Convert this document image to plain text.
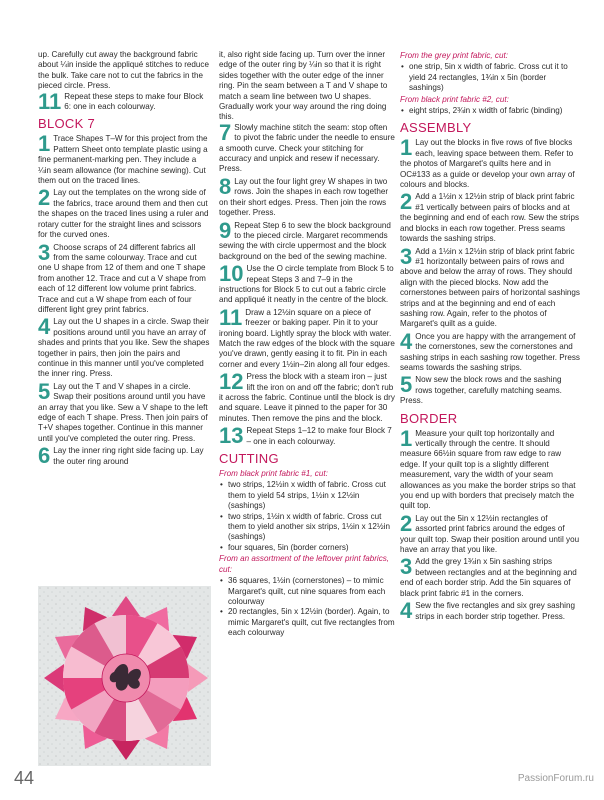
up. Carefully cut away the background fabric about ¼in inside the appliqué stitches to reduce the bulk. Take care not to cut the fabrics in the pieced circle. Press.

11 Repeat these steps to make four Block 6: one in each colourway.
BLOCK 7
1 Trace Shapes T–W for this project from the Pattern Sheet onto template plastic using a fine permanent-marking pen. They include a ¼in seam allowance (for machine sewing). Cut them out on the traced lines.
2 Lay out the templates on the wrong side of the fabrics, trace around them and then cut the shapes on the traced lines using a ruler and rotary cutter for the straight lines and scissors for the curved ones.
3 Choose scraps of 24 different fabrics all from the same colourway. Trace and cut one U shape from 12 of them and one T shape from another 12. Trace and cut a V shape from each of 12 different low volume print fabrics. Trace and cut a W shape from each of four different light grey print fabrics.
4 Lay out the U shapes in a circle. Swap their positions around until you have an array of shades and prints that you like. Sew the shapes together in pairs, then join the pairs and continue in this manner until you've completed the inner ring. Press.
5 Lay out the T and V shapes in a circle. Swap their positions around until you have an array that you like. Sew a V shape to the left edge of each T shape. Press. Then join pairs of T+V shapes together. Continue in this manner until you've completed the outer ring. Press.
6 Lay the inner ring right side facing up. Lay the outer ring around

it, also right side facing up. Turn over the inner edge of the outer ring by ¼in so that it is right sides together with the outer edge of the inner ring. Pin the seam between a T and V shape to match a seam line between two U shapes. Gradually work your way around the ring doing this.

7 Slowly machine stitch the seam: stop often to pivot the fabric under the needle to ensure a smooth curve. Check your stitching for accuracy and unpick and resew if necessary. Press.
8 Lay out the four light grey W shapes in two rows. Join the shapes in each row together on their short edges. Press. Then join the rows together. Press.
9 Repeat Step 6 to sew the block background to the pieced circle. Margaret recommends sewing the with circle uppermost and the block background on the bed of the sewing machine.
10 Use the O circle template from Block 5 to repeat Steps 3 and 7–9 in the instructions for Block 5 to cut out a fabric circle and appliqué it neatly in the centre of the block.
11 Draw a 12½in square on a piece of freezer or baking paper. Pin it to your ironing board. Lightly spray the block with water. Match the raw edges of the block with the square you've drawn, gently easing it to fit. Pin in each corner and every 1½in–2in along all four edges.
12 Press the block with a steam iron – just lift the iron on and off the fabric; don't rub it across the fabric. Continue until the block is dry and square. Leave it pinned to the paper for 30 minutes. Then remove the pins and the block.
13 Repeat Steps 1–12 to make four Block 7 – one in each colourway.
CUTTING
From black print fabric #1, cut:
• two strips, 12½in x width of fabric. Cross cut them to yield 54 strips, 1½in x 12½in (sashings)
• two strips, 1½in x width of fabric. Cross cut them to yield another six strips, 1½in x 12½in (sashings)
• four squares, 5in (border corners)
From an assortment of the leftover print fabrics, cut:
• 36 squares, 1½in (cornerstones) – to mimic Margaret's quilt, cut nine squares from each colourway
• 20 rectangles, 5in x 12½in (border). Again, to mimic Margaret's quilt, cut five rectangles from each colourway
From the grey print fabric, cut:
• one strip, 5in x width of fabric. Cross cut it to yield 24 rectangles, 1¾in x 5in (border sashings)
From black print fabric #2, cut:
• eight strips, 2¾in x width of fabric (binding)
ASSEMBLY
1 Lay out the blocks in five rows of five blocks each, leaving space between them. Refer to the photos of Margaret's quilts here and in OC#133 as a guide or develop your own array of colours and blocks.
2 Add a 1½in x 12½in strip of black print fabric #1 vertically between pairs of blocks and at the beginning and end of each row. Sew the strips and blocks in each row together. Press seams towards the sashing strips.
3 Add a 1½in x 12½in strip of black print fabric #1 horizontally between pairs of rows and above and below the array of rows. They should align with the pieced blocks. Now add the cornerstones between pairs of horizontal sashings strips and at the beginning and end of each sashing row. Again, refer to the photos of Margaret's quilt as a guide.
4 Once you are happy with the arrangement of the cornerstones, sew the cornerstones and sashing strips in each sashing row together. Press seams towards the sashing strips.
5 Now sew the block rows and the sashing rows together, carefully matching seams. Press.
BORDER
1 Measure your quilt top horizontally and vertically through the centre. It should measure 66½in square from raw edge to raw edge. If your quilt top is a slightly different measurement, vary the width of your seam allowances as you make the border strips so that you end up with borders that precisely match the quilt top.
2 Lay out the 5in x 12½in rectangles of assorted print fabrics around the edges of your quilt top. Swap their position around until you have an array that you like.
3 Add the grey 1¾in x 5in sashing strips between rectangles and at the beginning and end of each border strip. Add the 5in squares of black print fabric #1 in the corners.
4 Sew the five rectangles and six grey sashing strips in each border strip together. Press.
44	PassionForum.ru
